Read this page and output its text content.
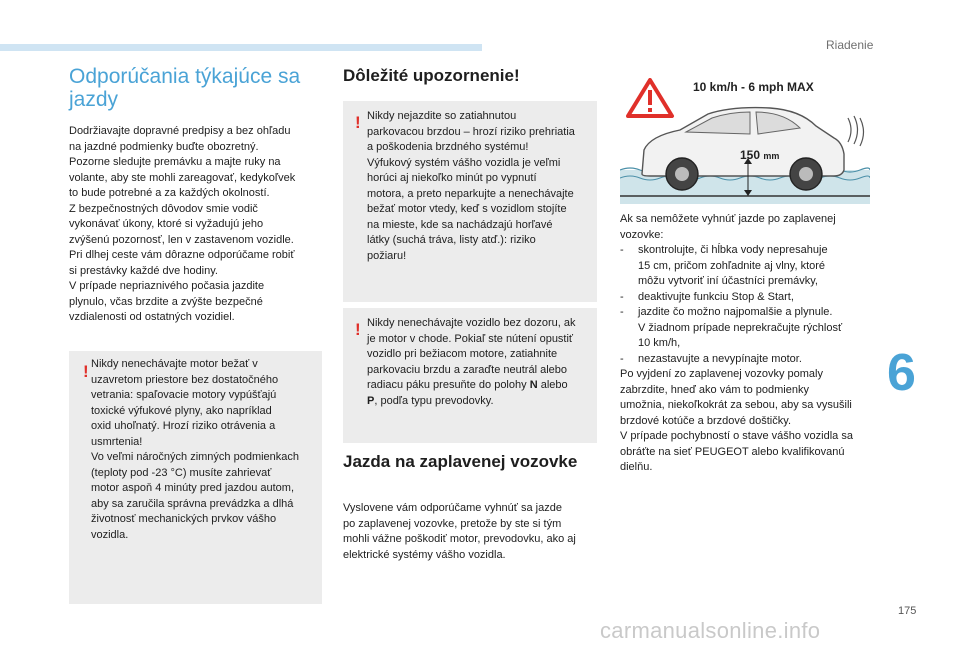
Riadenie
6
175
carmanualsonline.info
Odporúčania týkajúce sa jazdy

Dodržiavajte dopravné predpisy a bez ohľadu

na jazdné podmienky buďte obozretný.

Pozorne sledujte premávku a majte ruky na

volante, aby ste mohli zareagovať, kedykoľvek

to bude potrebné a za každých okolností.

Z bezpečnostných dôvodov smie vodič

vykonávať úkony, ktoré si vyžadujú jeho

zvýšenú pozornosť, len v zastavenom vozidle.

Pri dlhej ceste vám dôrazne odporúčame robiť

si prestávky každé dve hodiny.

V prípade nepriaznivého počasia jazdite

plynulo, včas brzdite a zvýšte bezpečné

vzdialenosti od ostatných vozidiel.

! Nikdy nenechávajte motor bežať v

uzavretom priestore bez dostatočného

vetrania: spaľovacie motory vypúšťajú

toxické výfukové plyny, ako napríklad

oxid uhoľnatý. Hrozí riziko otrávenia a

usmrtenia!

Vo veľmi náročných zimných podmienkach

(teploty pod -23 °C) musíte zahrievať

motor aspoň 4 minúty pred jazdou autom,

aby sa zaručila správna prevádzka a dlhá

životnosť mechanických prvkov vášho

vozidla.

Dôležité upozornenie!
! Nikdy nejazdite so zatiahnutou

parkovacou brzdou – hrozí riziko prehriatia

a poškodenia brzdného systému!

Výfukový systém vášho vozidla je veľmi

horúci aj niekoľko minút po vypnutí

motora, a preto neparkujte a nenechávajte

bežať motor vtedy, keď s vozidlom stojíte

na mieste, kde sa nachádzajú horľavé

látky (suchá tráva, listy atď.): riziko

požiaru!

! Nikdy nenechávajte vozidlo bez dozoru, ak

je motor v chode. Pokiaľ ste nútení opustiť

vozidlo pri bežiacom motore, zatiahnite

parkovaciu brzdu a zaraďte neutrál alebo

radiacu páku presuňte do polohy N alebo

P, podľa typu prevodovky.

Jazda na zaplavenej vozovke

Vyslovene vám odporúčame vyhnúť sa jazde

po zaplavenej vozovke, pretože by ste si tým

mohli vážne poškodiť motor, prevodovku, ako aj

elektrické systémy vášho vozidla.

10 km/h - 6 mph MAX
150 mm

Ak sa nemôžete vyhnúť jazde po zaplavenej

vozovke:

- skontrolujte, či hĺbka vody nepresahuje

15 cm, pričom zohľadnite aj vlny, ktoré

môžu vytvoriť iní účastníci premávky,

- deaktivujte funkciu Stop & Start,
- jazdite čo možno najpomalšie a plynule.

V žiadnom prípade neprekračujte rýchlosť

10 km/h,

- nezastavujte a nevypínajte motor.

Po vyjdení zo zaplavenej vozovky pomaly

zabrzdite, hneď ako vám to podmienky

umožnia, niekoľkokrát za sebou, aby sa vysušili

brzdové kotúče a brzdové doštičky.

V prípade pochybností o stave vášho vozidla sa

obráťte na sieť PEUGEOT alebo kvalifikovanú

dielňu.
